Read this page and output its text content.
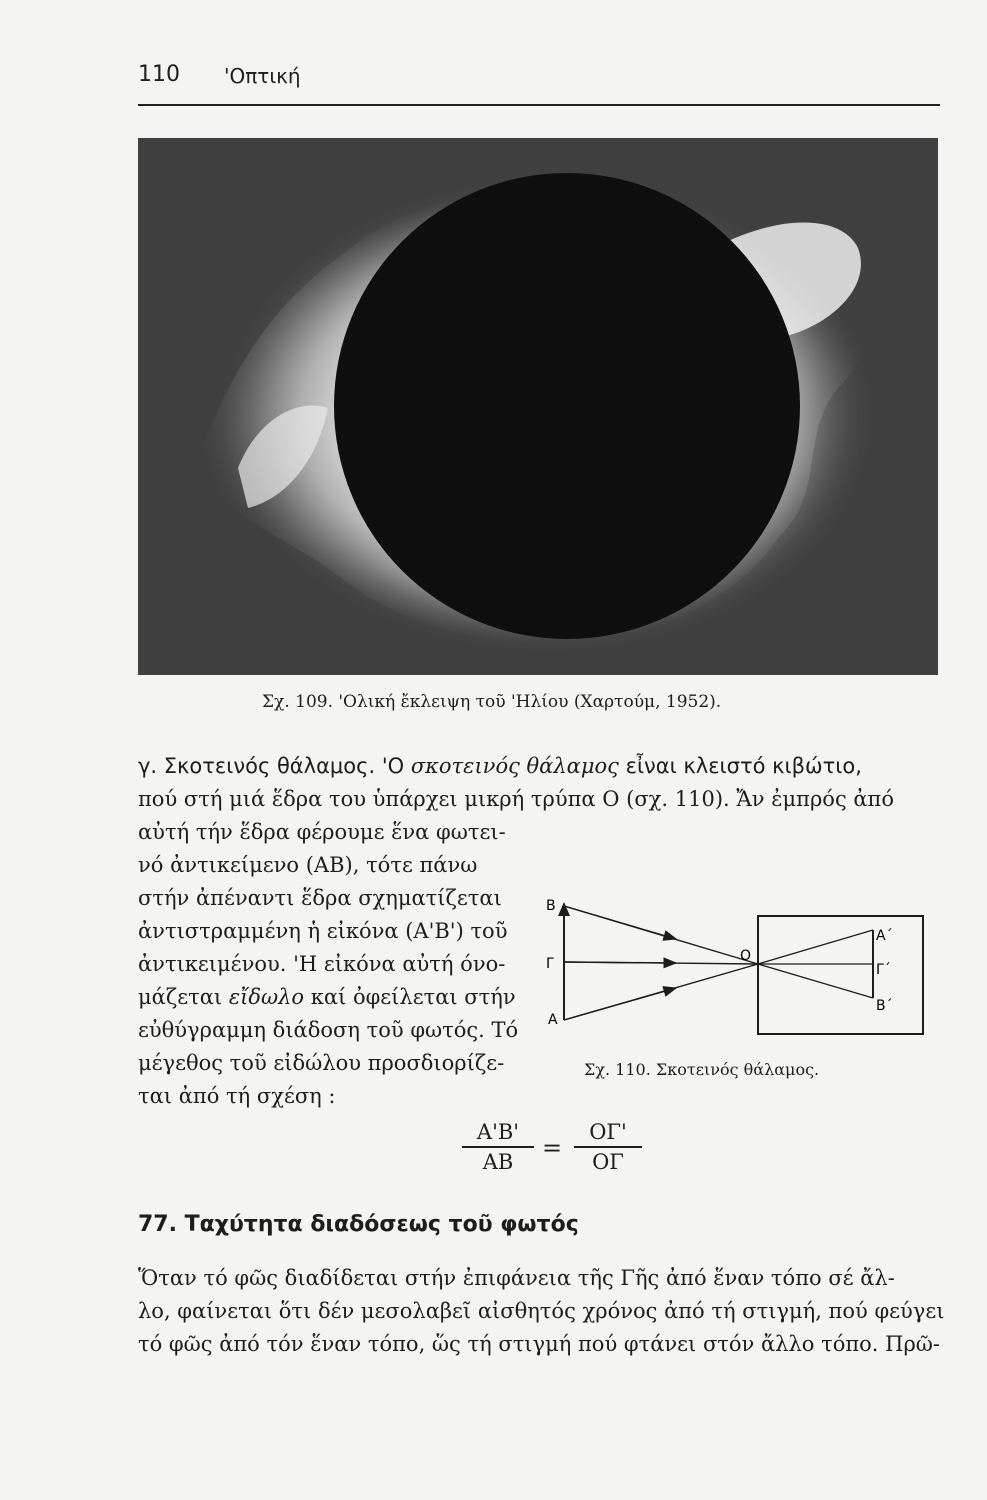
110 'Οπτική
Σχ. 109. 'Ολική ἔκλειψη τοῦ 'Ηλίου (Χαρτούμ, 1952).
γ. Σκοτεινός θάλαμος. 'Ο σκοτεινός θάλαμος εἶναι κλειστό κιβώτιο,
πού στή μιά ἕδρα του ὑπάρχει μικρή τρύπα Ο (σχ. 110). Ἄν ἐμπρός ἀπό
αὐτή τήν ἕδρα φέρουμε ἕνα φωτει-
νό ἀντικείμενο (ΑΒ), τότε πάνω
στήν ἀπέναντι ἕδρα σχηματίζεται
ἀντιστραμμένη ἡ εἰκόνα (Α'Β') τοῦ
ἀντικειμένου. 'Η εἰκόνα αὐτή όνο-
μάζεται εἴδωλο καί ὀφείλεται στήν
εὐθύγραμμη διάδοση τοῦ φωτός. Τό
μέγεθος τοῦ εἰδώλου προσδιορίζε-
ται ἀπό τή σχέση :
Β
Γ
Α
Ο
Α΄
Γ΄
Β΄
Σχ. 110. Σκοτεινός θάλαμος.
Α'Β'
ΑΒ	=
ΟΓ'
ΟΓ
77. Ταχύτητα διαδόσεως τοῦ φωτός
Ὅταν τό φῶς διαδίδεται στήν ἐπιφάνεια τῆς Γῆς ἀπό ἕναν τόπο σέ ἄλ-
λο, φαίνεται ὅτι δέν μεσολαβεῖ αἰσθητός χρόνος ἀπό τή στιγμή, πού φεύγει
τό φῶς ἀπό τόν ἕναν τόπο, ὥς τή στιγμή πού φτάνει στόν ἄλλο τόπο. Πρῶ-
